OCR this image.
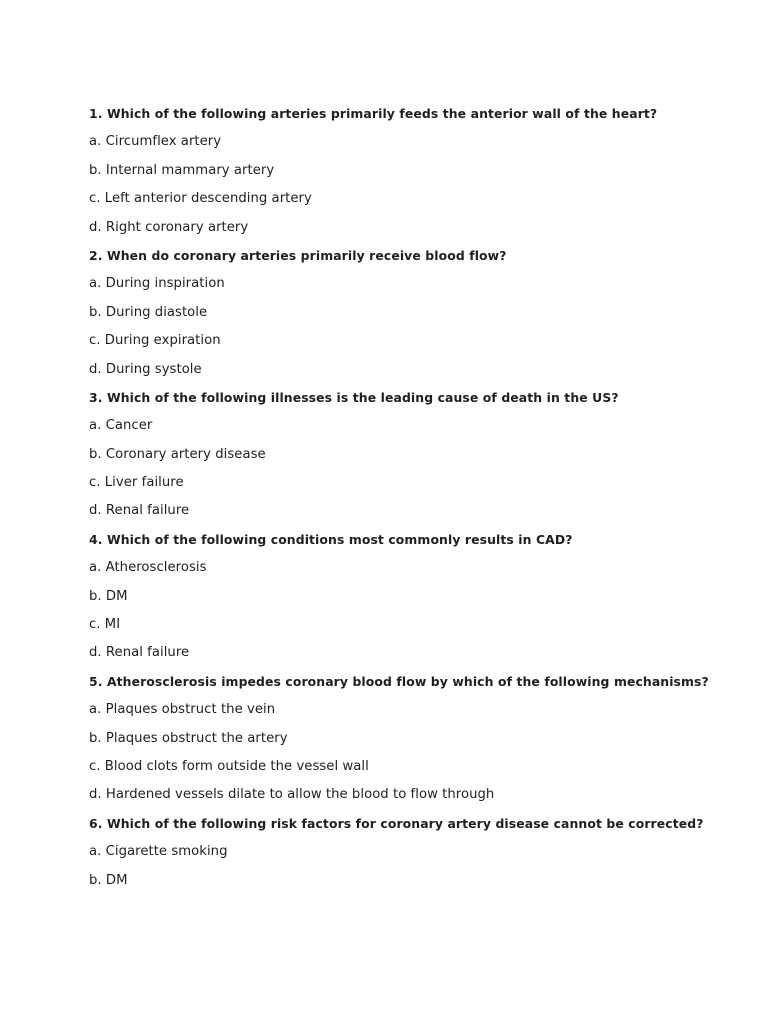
1. Which of the following arteries primarily feeds the anterior wall of the heart?
a. Circumflex artery
b. Internal mammary artery
c. Left anterior descending artery
d. Right coronary artery
2. When do coronary arteries primarily receive blood flow?
a. During inspiration
b. During diastole
c. During expiration
d. During systole
3. Which of the following illnesses is the leading cause of death in the US?
a. Cancer
b. Coronary artery disease
c. Liver failure
d. Renal failure
4. Which of the following conditions most commonly results in CAD?
a. Atherosclerosis
b. DM
c. MI
d. Renal failure
5. Atherosclerosis impedes coronary blood flow by which of the following mechanisms?
a. Plaques obstruct the vein
b. Plaques obstruct the artery
c. Blood clots form outside the vessel wall
d. Hardened vessels dilate to allow the blood to flow through
6. Which of the following risk factors for coronary artery disease cannot be corrected?
a. Cigarette smoking
b. DM
